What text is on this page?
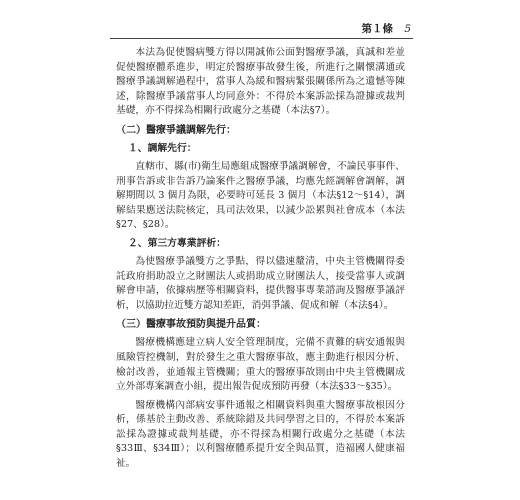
第１條 5

本法為促使醫病雙方得以開誠佈公面對醫療爭議，真誠和差並促使醫療體系進步，明定於醫療事故發生後，所進行之關懷溝通或醫療爭議調解過程中，當事人為緩和醫病緊張關係所為之遺憾等陳述，除醫療爭議當事人均同意外：不得於本案訴訟採為證據或裁判基礎，亦不得採為相關行政處分之基礎（本法§7）。

（二）醫療爭議調解先行：
１、調解先行：

直轄市、縣(市)衛生局應組成醫療爭議調解會，不論民事事件、刑事告訴或非告訴乃論案件之醫療爭議，均應先經調解會調解，調解期間以 3 個月為限，必要時可延長 3 個月（本法§12～§14），調解結果應送法院核定，具司法效果，以減少訟累與社會成本（本法§27、§28）。

２、第三方專業評析：

為使醫療爭議雙方之爭點，得以儘速釐清，中央主管機關得委託政府捐助設立之財團法人或捐助成立財團法人，接受當事人或調解會申請，依據病歷等相關資料，提供醫事專業諮詢及醫療爭議評析，以協助拉近雙方認知差距，消弭爭議、促成和解（本法§4）。

（三）醫療事故預防與提升品質：

醫療機構應建立病人安全管理制度，完備不責難的病安通報與風險管控機制，對於發生之重大醫療事故，應主動進行根因分析、檢討改善，並通報主管機關；重大的醫療事故則由中央主管機關成立外部專案調查小組，提出報告促成預防再發（本法§33～§35）。

醫療機構內部病安事件通報之相關資料與重大醫療事故根因分析，係基於主動改善、系統除錯及共同學習之目的，不得於本案訴訟採為證據或裁判基礎，亦不得採為相關行政處分之基礎（本法§33Ⅲ、§34Ⅲ）；以利醫療體系提升安全與品質，造福國人健康福祉。
